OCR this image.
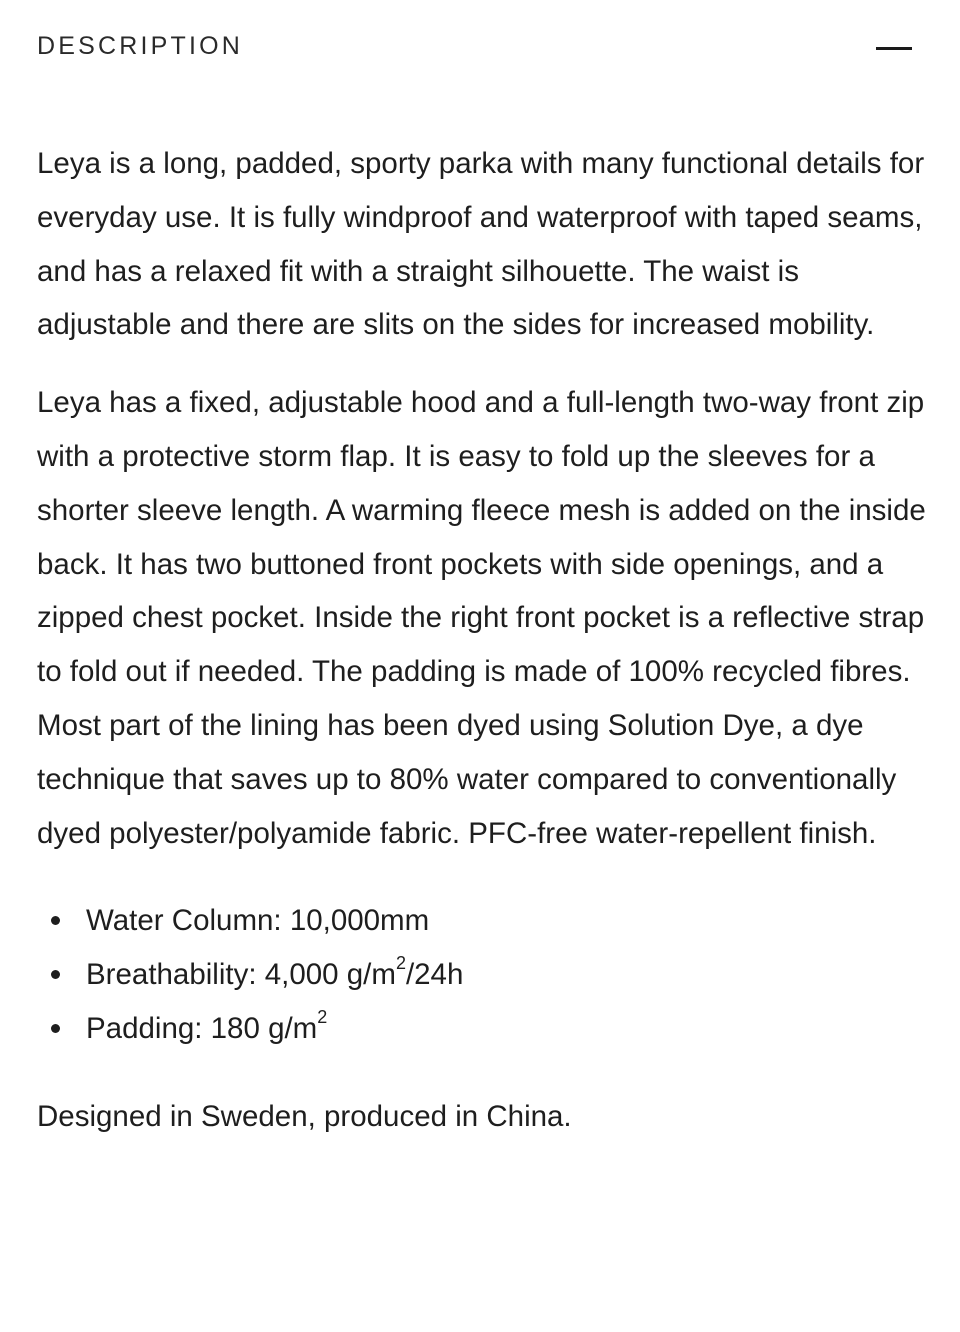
DESCRIPTION

Leya is a long, padded, sporty parka with many functional details for everyday use. It is fully windproof and waterproof with taped seams, and has a relaxed fit with a straight silhouette. The waist is adjustable and there are slits on the sides for increased mobility.

Leya has a fixed, adjustable hood and a full-length two-way front zip with a protective storm flap. It is easy to fold up the sleeves for a shorter sleeve length. A warming fleece mesh is added on the inside back. It has two buttoned front pockets with side openings, and a zipped chest pocket. Inside the right front pocket is a reflective strap to fold out if needed. The padding is made of 100% recycled fibres. Most part of the lining has been dyed using Solution Dye, a dye technique that saves up to 80% water compared to conventionally dyed polyester/polyamide fabric. PFC-free water-repellent finish.

Water Column: 10,000mm
Breathability: 4,000 $g/m^2/24h$
Padding: 180 $g/m^2$

Designed in Sweden, produced in China.
